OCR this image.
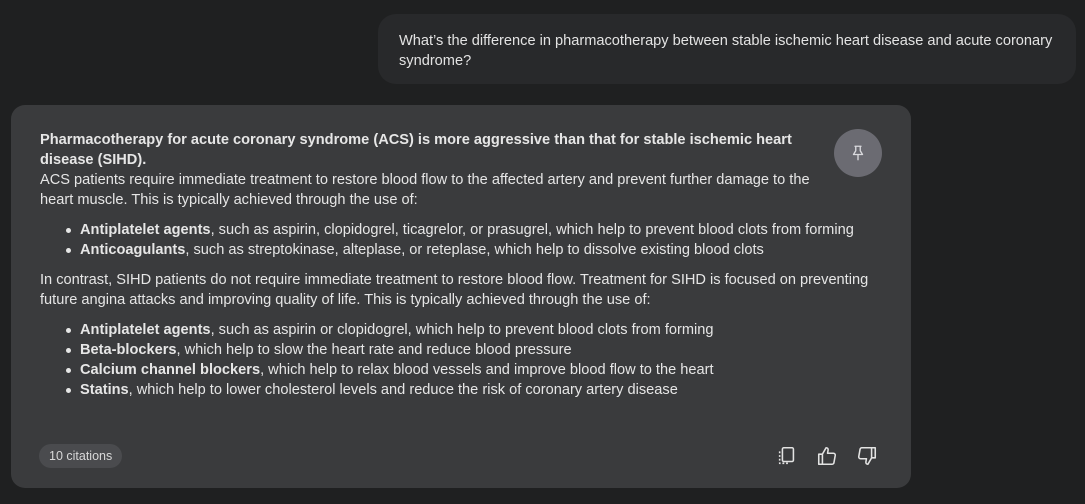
What’s the difference in pharmacotherapy between stable ischemic heart disease and acute coronary syndrome?

Pharmacotherapy for acute coronary syndrome (ACS) is more aggressive than that for stable ischemic heart disease (SIHD).

ACS patients require immediate treatment to restore blood flow to the affected artery and prevent further damage to the heart muscle. This is typically achieved through the use of:

Antiplatelet agents, such as aspirin, clopidogrel, ticagrelor, or prasugrel, which help to prevent blood clots from forming
Anticoagulants, such as streptokinase, alteplase, or reteplase, which help to dissolve existing blood clots

In contrast, SIHD patients do not require immediate treatment to restore blood flow. Treatment for SIHD is focused on preventing future angina attacks and improving quality of life. This is typically achieved through the use of:

Antiplatelet agents, such as aspirin or clopidogrel, which help to prevent blood clots from forming
Beta-blockers, which help to slow the heart rate and reduce blood pressure
Calcium channel blockers, which help to relax blood vessels and improve blood flow to the heart
Statins, which help to lower cholesterol levels and reduce the risk of coronary artery disease
10 citations
